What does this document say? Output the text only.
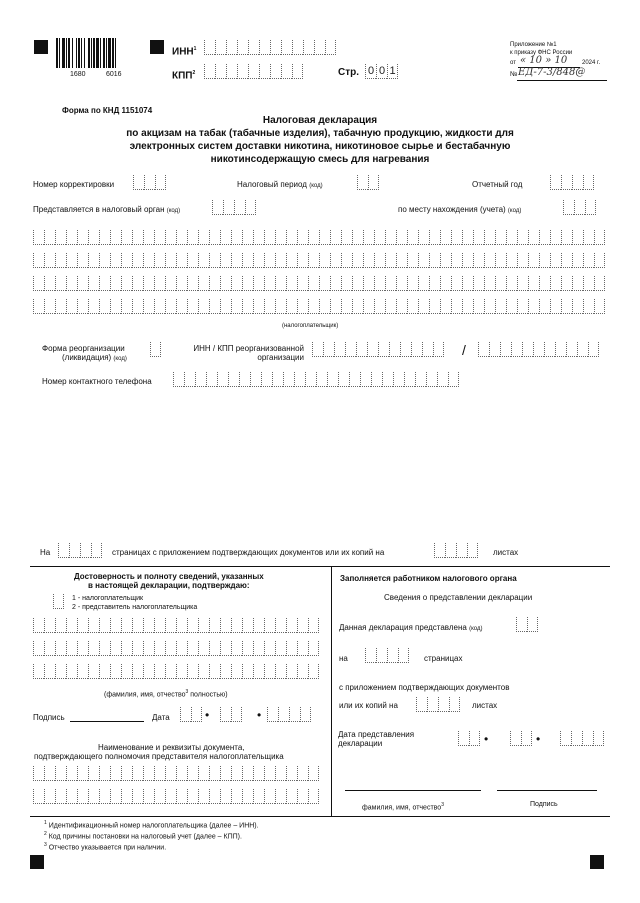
1680	6016
ИНН$^1$
КПП$^2$	Стр. 0 0 1
Приложение №1
к приказу ФНС России
от « 10 » 10 2024 г.
№ ЕД-7-3/848@
Форма по КНД 1151074
Налоговая декларация
по акцизам на табак (табачные изделия), табачную продукцию, жидкости для
электронных систем доставки никотина, никотиновое сырье и бестабачную
никотинсодержащую смесь для нагревания
Номер корректировки	Налоговый период (код)	Отчетный год
Представляется в налоговый орган (код)	по месту нахождения (учета) (код)
(налогоплательщик)
Форма реорганизации
(ликвидация) (код)
ИНН / КПП реорганизованной
организации	/
Номер контактного телефона
На	страницах с приложением подтверждающих документов или их копий на	листах
Достоверность и полноту сведений, указанных
в настоящей декларации, подтверждаю:
1 - налогоплательщик
2 - представитель налогоплательщика
(фамилия, имя, отчество$^3$ полностью)
Подпись	Дата	•	•
Наименование и реквизиты документа,
подтверждающего полномочия представителя налогоплательщика
Заполняется работником налогового органа
Сведения о представлении декларации
Данная декларация представлена (код)
на	страницах
с приложением подтверждающих документов
или их копий на	листах
Дата представления
декларации	•	•
фамилия, имя, отчество$^3$	Подпись
$^1$ Идентификационный номер налогоплательщика (далее – ИНН).
$^2$ Код причины постановки на налоговый учет (далее – КПП).
$^3$ Отчество указывается при наличии.
